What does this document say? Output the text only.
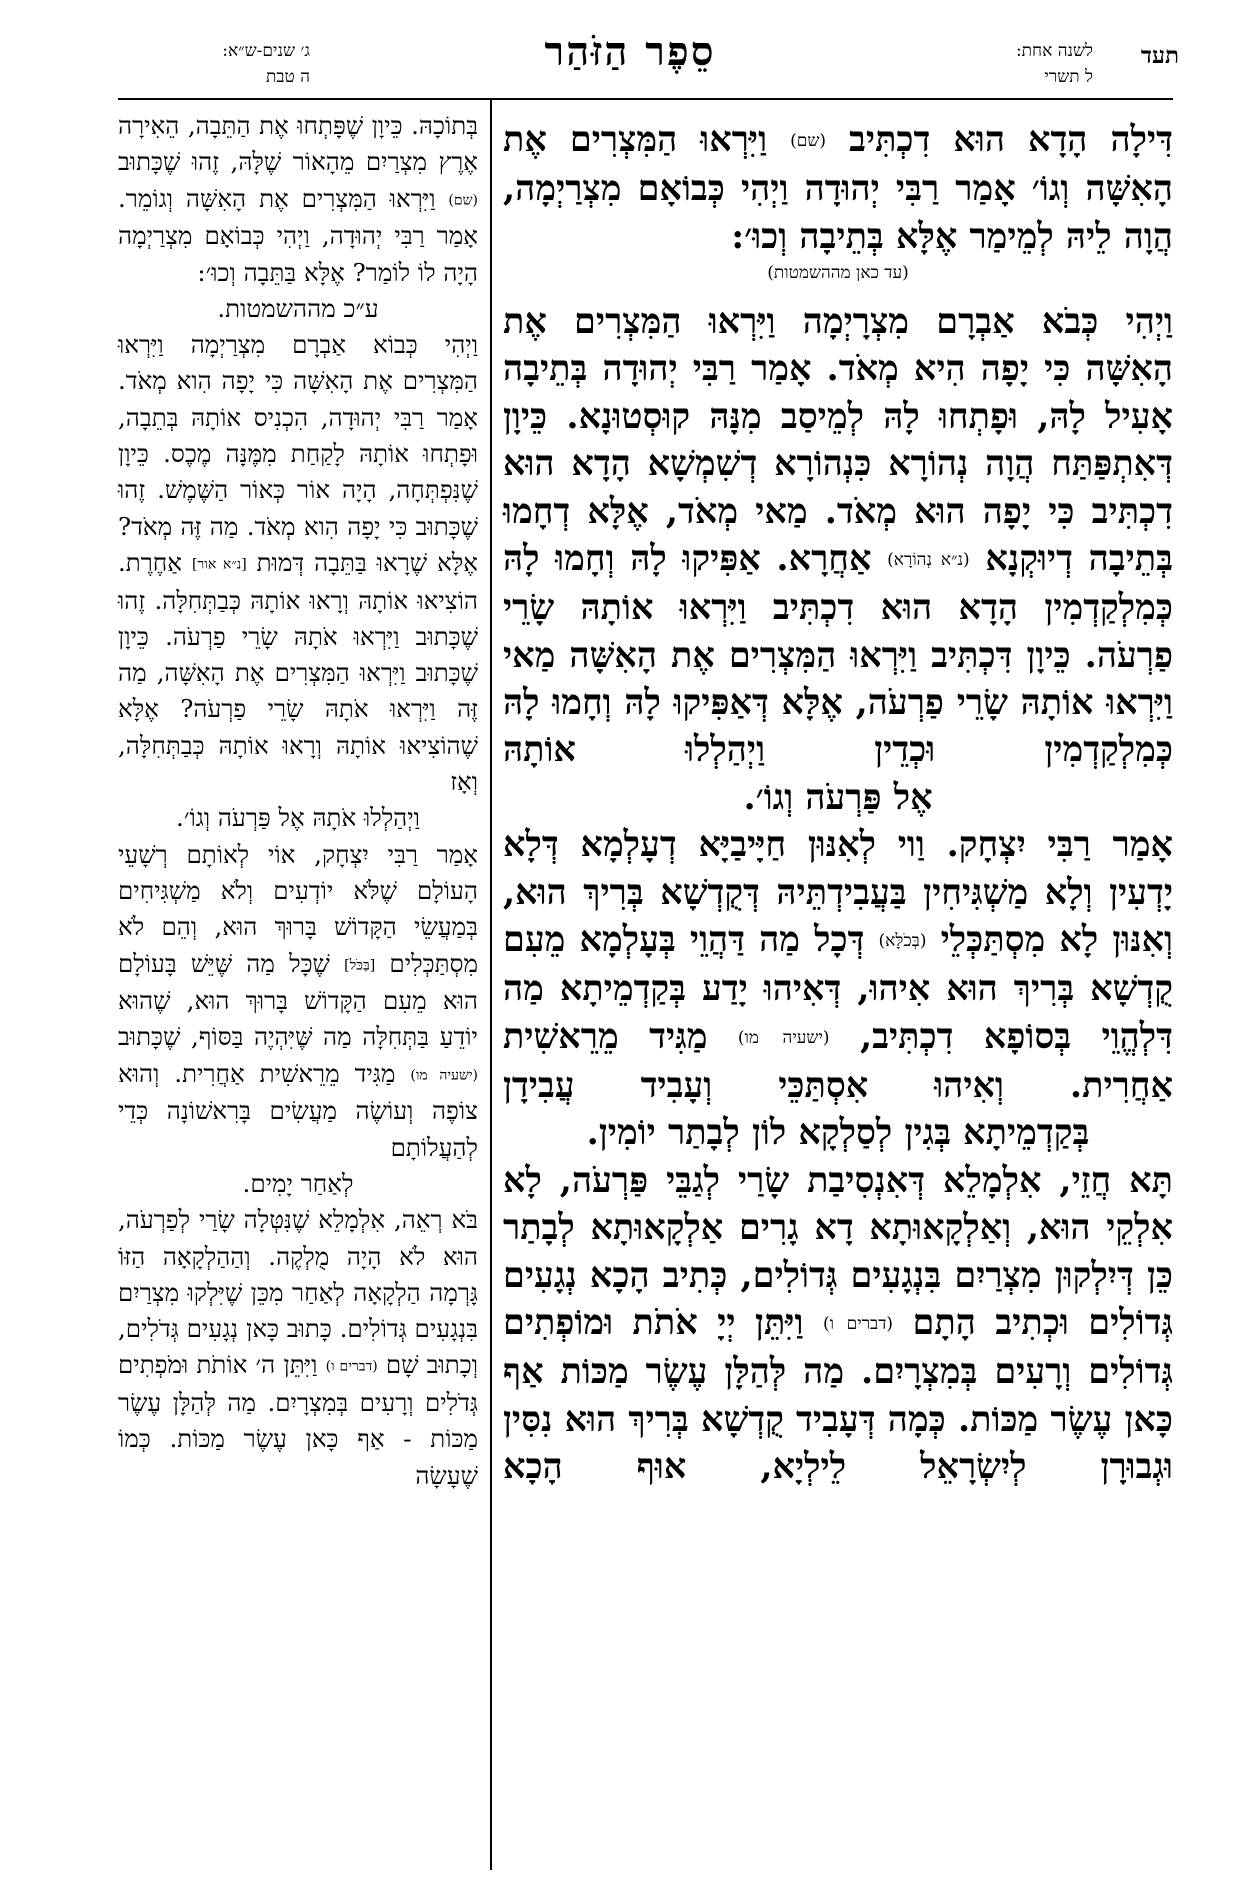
תעד
לשנה אחת:
ל תשרי
סֵפֶר הַזֹּהַר
ג׳ שנים-ש״א:
ה טבת

דִּילָה הָדָא הוּא דִכְתִּיב (שם) וַיִּרְאוּ הַמִּצְרִים אֶת הָאִשָּׁה וְגוֹ׳ אָמַר רַבִּי יְהוּדָה וַיְהִי כְּבוֹאָם מִצְרַיְמָה, הֲוָה לֵיהּ לְמֵימַר אֶלָּא בְּתֵיבָה וְכוּ׳:

(עד כאן מההשמטות)

וַיְהִי כְּבֹא אַבְרָם מִצְרָיְמָה וַיִּרְאוּ הַמִּצְרִים אֶת הָאִשָּׁה כִּי יָפָה הִיא מְאֹד. אָמַר רַבִּי יְהוּדָה בְּתֵיבָה אָעִיל לָהּ, וּפָתְחוּ לָהּ לְמֵיסַב מִנָּהּ קוּסְטוּנָא. כֵּיוָן דְּאִתְפַּתַּח הֲוָה נְהוֹרָא כִּנְהוֹרָא דְשִׁמְשָׁא הָדָא הוּא דִכְתִּיב כִּי יָפָה הוּא מְאֹד. מַאי מְאֹד, אֶלָּא דְחָמוּ בְּתֵיבָה דְיוּקְנָא (נ״א נְהוֹרָא) אַחֲרָא. אַפִּיקוּ לָהּ וְחָמוּ לָהּ כְּמִלְקַדְמִין הָדָא הוּא דִכְתִּיב וַיִּרְאוּ אוֹתָהּ שָׂרֵי פַרְעֹה. כֵּיוָן דִּכְתִּיב וַיִּרְאוּ הַמִּצְרִים אֶת הָאִשָּׁה מַאי וַיִּרְאוּ אוֹתָהּ שָׂרֵי פַרְעֹה, אֶלָּא דְּאַפִּיקוּ לָהּ וְחָמוּ לָהּ כְּמִלְקַדְמִין וּכְדֵין וַיְהַלְלוּ אוֹתָהּ

אֶל פַּרְעֹה וְגוֹ׳.

אָמַר רַבִּי יִצְחָק. וַוי לְאִנּוּן חַיָּיבַיָּא דְעָלְמָא דְּלָא יָדְעִין וְלָא מַשְׁגִּיחִין בַּעֲבִידְתֵּיהּ דְּקֻדְשָׁא בְּרִיךְ הוּא, וְאִנּוּן לָא מִסְתַּכְּלֵי (בְּכֹלָּא) דְּכָל מַה דַּהֲוֵי בְּעָלְמָא מֵעִם קֻדְשָׁא בְּרִיךְ הוּא אִיהוּ, דְּאִיהוּ יָדַע בְּקַדְמֵיתָא מַה דִּלְהֱוֵי בְּסוֹפָא דִכְתִּיב, (ישעיה מו) מַגִּיד מֵרֵאשִׁית אַחֲרִית. וְאִיהוּ אִסְתַּכֵּי וְעָבִיד עֲבִידָן

בְּקַדְמֵיתָא בְּגִין לְסַלְקָא לוֹן לְבָתַר יוֹמִין.

תָּא חֲזֵי, אִלְמָלֵא דְּאִנְסִיבַת שָׂרַי לְגַבֵּי פַּרְעֹה, לָא אִלְקֵי הוּא, וְאַלְקָאוּתָא דָא גָרִים אַלְקָאוּתָא לְבָתַר כֵּן דְּיִלְקוּן מִצְרַיִם בִּנְגָעִים גְּדוֹלִים, כְּתִיב הָכָא נְגָעִים גְּדוֹלִים וּכְתִיב הָתָם (דברים ו) וַיִּתֵּן יְיָ אֹתֹת וּמוֹפְתִים גְּדוֹלִים וְרָעִים בְּמִצְרָיִם. מַה לְּהַלָּן עֶשֶׂר מַכּוֹת אַף כָּאן עֶשֶׂר מַכּוֹת. כְּמָה דְּעָבִיד קֻדְשָׁא בְּרִיךְ הוּא נִסִּין וּגְבוּרָן לְיִשְׂרָאֵל לֵילְיָא, אוּף הָכָא

בְּתוֹכָהּ. כֵּיוָן שֶׁפָּתְחוּ אֶת הַתֵּבָה, הֵאִירָה אֶרֶץ מִצְרַיִם מֵהָאוֹר שֶׁלָּהּ, זֶהוּ שֶׁכָּתוּב (שם) וַיִּרְאוּ הַמִּצְרִים אֶת הָאִשָּׁה וְגוֹמֵר. אָמַר רַבִּי יְהוּדָה, וַיְהִי כְּבוֹאָם מִצְרַיְמָה הָיָה לוֹ לוֹמַר? אֶלָּא בַּתֵּבָה וְכוּ׳:

ע״כ מההשמטות.

וַיְהִי כְּבוֹא אַבְרָם מִצְרַיְמָה וַיִּרְאוּ הַמִּצְרִים אֶת הָאִשָּׁה כִּי יָפָה הִוא מְאֹד. אָמַר רַבִּי יְהוּדָה, הִכְנִיס אוֹתָהּ בְּתֵבָה, וּפָתְחוּ אוֹתָהּ לָקַחַת מִמֶּנָּה מֶכֶס. כֵּיוָן שֶׁנִּפְתְּחָה, הָיָה אוֹר כְּאוֹר הַשֶּׁמֶשׁ. זֶהוּ שֶׁכָּתוּב כִּי יָפָה הִוא מְאֹד. מַה זֶּה מְאֹד? אֶלָּא שֶׁרָאוּ בַּתֵּבָה דְּמוּת [נ״א אור] אַחֶרֶת. הוֹצִיאוּ אוֹתָהּ וְרָאוּ אוֹתָהּ כְּבַתְּחִלָּה. זֶהוּ שֶׁכָּתוּב וַיִּרְאוּ אֹתָהּ שָׂרֵי פַרְעֹה. כֵּיוָן שֶׁכָּתוּב וַיִּרְאוּ הַמִּצְרִים אֶת הָאִשָּׁה, מַה זֶּה וַיִּרְאוּ אֹתָהּ שָׂרֵי פַרְעֹה? אֶלָּא שֶׁהוֹצִיאוּ אוֹתָהּ וְרָאוּ אוֹתָהּ כְּבַתְּחִלָּה, וְאָז

וַיְהַלְלוּ אֹתָהּ אֶל פַּרְעֹה וְגוֹ׳.

אָמַר רַבִּי יִצְחָק, אוֹי לְאוֹתָם רְשָׁעֵי הָעוֹלָם שֶׁלֹּא יוֹדְעִים וְלֹא מַשְׁגִּיחִים בְּמַעֲשֵׂי הַקָּדוֹשׁ בָּרוּךְ הוּא, וְהֵם לֹא מִסְתַּכְּלִים [בַּכֹּל] שֶׁכָּל מַה שֶּׁיֵּשׁ בָּעוֹלָם הוּא מֵעִם הַקָּדוֹשׁ בָּרוּךְ הוּא, שֶׁהוּא יוֹדֵעַ בַּתְּחִלָּה מַה שֶּׁיִּהְיֶה בַּסּוֹף, שֶׁכָּתוּב (ישעיה מו) מַגִּיד מֵרֵאשִׁית אַחֲרִית. וְהוּא צוֹפֶה וְעוֹשֶׂה מַעֲשִׂים בָּרִאשׁוֹנָה כְּדֵי לְהַעֲלוֹתָם

לְאַחַר יָמִים.

בֹּא רְאֵה, אִלְמָלֵא שֶׁנִּטְּלָה שָׂרַי לְפַרְעֹה, הוּא לֹא הָיָה מֻלְקֶה. וְהַהַלְקָאָה הַזּוֹ גָּרְמָה הַלְקָאָה לְאַחַר מִכֵּן שֶׁיִּלְקוּ מִצְרַיִם בִּנְגָעִים גְּדוֹלִים. כָּתוּב כָּאן נְגָעִים גְּדֹלִים, וְכָתוּב שָׁם (דברים ו) וַיִּתֵּן ה׳ אוֹתֹת וּמֹפְתִים גְּדֹלִים וְרָעִים בְּמִצְרָיִם. מַה לְּהַלָּן עֶשֶׂר מַכּוֹת - אַף כָּאן עֶשֶׂר מַכּוֹת. כְּמוֹ שֶׁעָשָׂה
